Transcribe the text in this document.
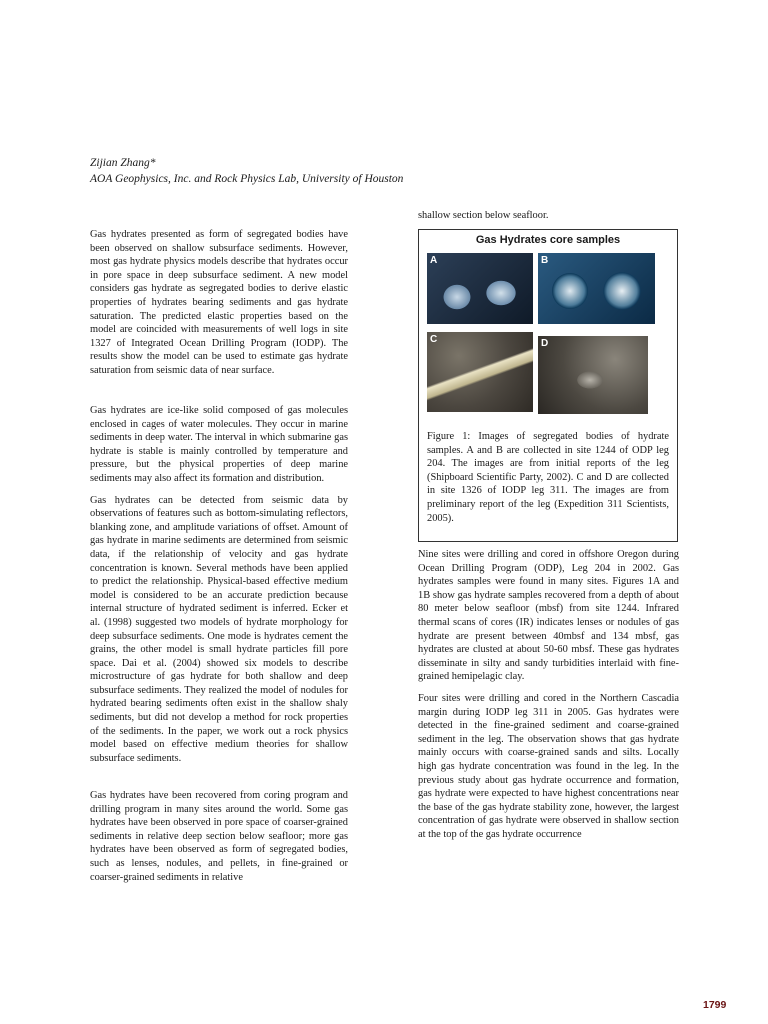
Zijian Zhang*
AOA Geophysics, Inc. and Rock Physics Lab, University of Houston

Gas hydrates presented as form of segregated bodies have been observed on shallow subsurface sediments. However, most gas hydrate physics models describe that hydrates occur in pore space in deep subsurface sediment. A new model considers gas hydrate as segregated bodies to derive elastic properties of hydrates bearing sediments and gas hydrate saturation. The predicted elastic properties based on the model are coincided with measurements of well logs in site 1327 of Integrated Ocean Drilling Program (IODP). The results show the model can be used to estimate gas hydrate saturation from seismic data of near surface.

Gas hydrates are ice-like solid composed of gas molecules enclosed in cages of water molecules. They occur in marine sediments in deep water. The interval in which submarine gas hydrate is stable is mainly controlled by temperature and pressure, but the physical properties of deep marine sediments may also affect its formation and distribution.

Gas hydrates can be detected from seismic data by observations of features such as bottom-simulating reflectors, blanking zone, and amplitude variations of offset. Amount of gas hydrate in marine sediments are determined from seismic data, if the relationship of velocity and gas hydrate concentration is known. Several methods have been applied to predict the relationship. Physical-based effective medium model is considered to be an accurate prediction because internal structure of hydrated sediment is inferred. Ecker et al. (1998) suggested two models of hydrate morphology for deep subsurface sediments. One mode is hydrates cement the grains, the other model is small hydrate particles fill pore space. Dai et al. (2004) showed six models to describe microstructure of gas hydrate for both shallow and deep subsurface sediments. They realized the model of nodules for hydrated bearing sediments often exist in the shallow shaly sediments, but did not develop a method for rock properties of the sediments. In the paper, we work out a rock physics model based on effective medium theories for shallow subsurface sediments.

Gas hydrates have been recovered from coring program and drilling program in many sites around the world. Some gas hydrates have been observed in pore space of coarser-grained sediments in relative deep section below seafloor; more gas hydrates have been observed as form of segregated bodies, such as lenses, nodules, and pellets, in fine-grained or coarser-grained sediments in relative

shallow section below seafloor.
Gas Hydrates core samples
A	B
C	D
Figure 1: Images of segregated bodies of hydrate samples. A and B are collected in site 1244 of ODP leg 204. The images are from initial reports of the leg (Shipboard Scientific Party, 2002). C and D are collected in site 1326 of IODP leg 311. The images are from preliminary report of the leg (Expedition 311 Scientists, 2005).

Nine sites were drilling and cored in offshore Oregon during Ocean Drilling Program (ODP), Leg 204 in 2002. Gas hydrates samples were found in many sites. Figures 1A and 1B show gas hydrate samples recovered from a depth of about 80 meter below seafloor (mbsf) from site 1244. Infrared thermal scans of cores (IR) indicates lenses or nodules of gas hydrate are present between 40mbsf and 134 mbsf, gas hydrates are clusted at about 50-60 mbsf. These gas hydrates disseminate in silty and sandy turbidities interlaid with fine-grained hemipelagic clay.

Four sites were drilling and cored in the Northern Cascadia margin during IODP leg 311 in 2005. Gas hydrates were detected in the fine-grained sediment and coarse-grained sediment in the leg. The observation shows that gas hydrate mainly occurs with coarse-grained sands and silts. Locally high gas hydrate concentration was found in the leg. In the previous study about gas hydrate occurrence and formation, gas hydrate were expected to have highest concentrations near the base of the gas hydrate stability zone, however, the largest concentration of gas hydrate were observed in shallow section at the top of the gas hydrate occurrence

1799
